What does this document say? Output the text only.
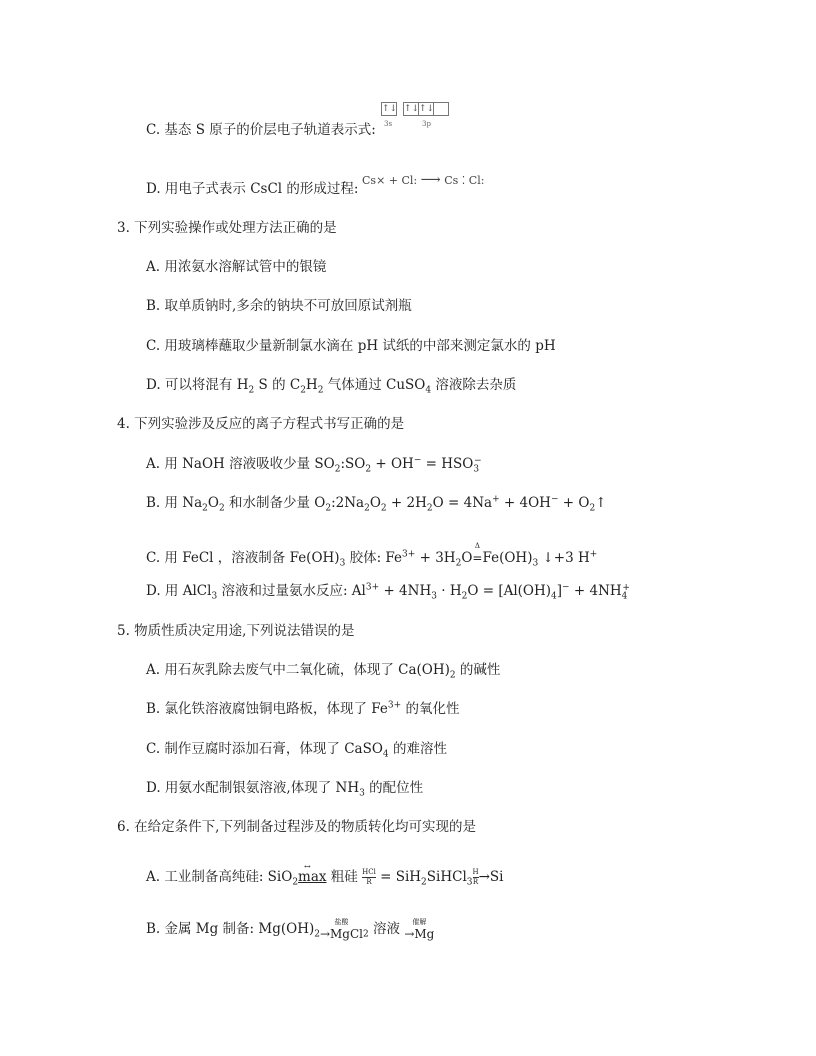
C. 基态 S 原子的价层电子轨道表示式:
↑↓ ↑↓ ↑↓
3s	3p
D. 用电子式表示 CsCl 的形成过程:
Cs× + Cl: ⟶ Cs ⁚ Cl:
3. 下列实验操作或处理方法正确的是
A. 用浓氨水溶解试管中的银镜
B. 取单质钠时,多余的钠块不可放回原试剂瓶
C. 用玻璃棒蘸取少量新制氯水滴在 pH 试纸的中部来测定氯水的 pH
D. 可以将混有 $H_2$ S 的 $C_2H_2$ 气体通过 CuSO$_4$ 溶液除去杂质
4. 下列实验涉及反应的离子方程式书写正确的是
A. 用 NaOH 溶液吸收少量 $SO_2:SO_2 + OH^- = HSO_3^-$
B. 用 $Na_2O_2$ 和水制备少量 $O_2:2Na_2O_2 + 2H_2O = 4Na^+ + 4OH^-$ + $O_2↑$
C. 用 FeCl ，溶液制备 $Fe(OH)_3$ 胶体: $Fe^{3+} + 3H_2O$
Δ
= $Fe(OH)_3$ ↓+3 H+
D. 用 AlCl$_3$ 溶液和过量氨水反应: $Al^{3+} + 4NH_3 \cdot H_2O = [Al(OH)_4]^- + 4NH_4^+$
5. 物质性质决定用途,下列说法错误的是
A. 用石灰乳除去废气中二氧化硫，体现了 $Ca(OH)_2$ 的碱性
B. 氯化铁溶液腐蚀铜电路板，体现了 $Fe^{3+}$ 的氧化性
C. 制作豆腐时添加石膏，体现了 CaSO$_4$ 的难溶性
D. 用氨水配制银氨溶液,体现了 $NH_3$ 的配位性
6. 在给定条件下,下列制备过程涉及的物质转化均可实现的是
↔
A. 工业制备高纯硅: SiO$_2$max 粗硅 HCl
R = SiH$_2$SiHCl$_3$ $\frac{H}{R} \to Si$
B. 金属 Mg 制备: $Mg(OH)_2$
盐酸
→MgCl $_2$ 溶液	催解
→Mg
